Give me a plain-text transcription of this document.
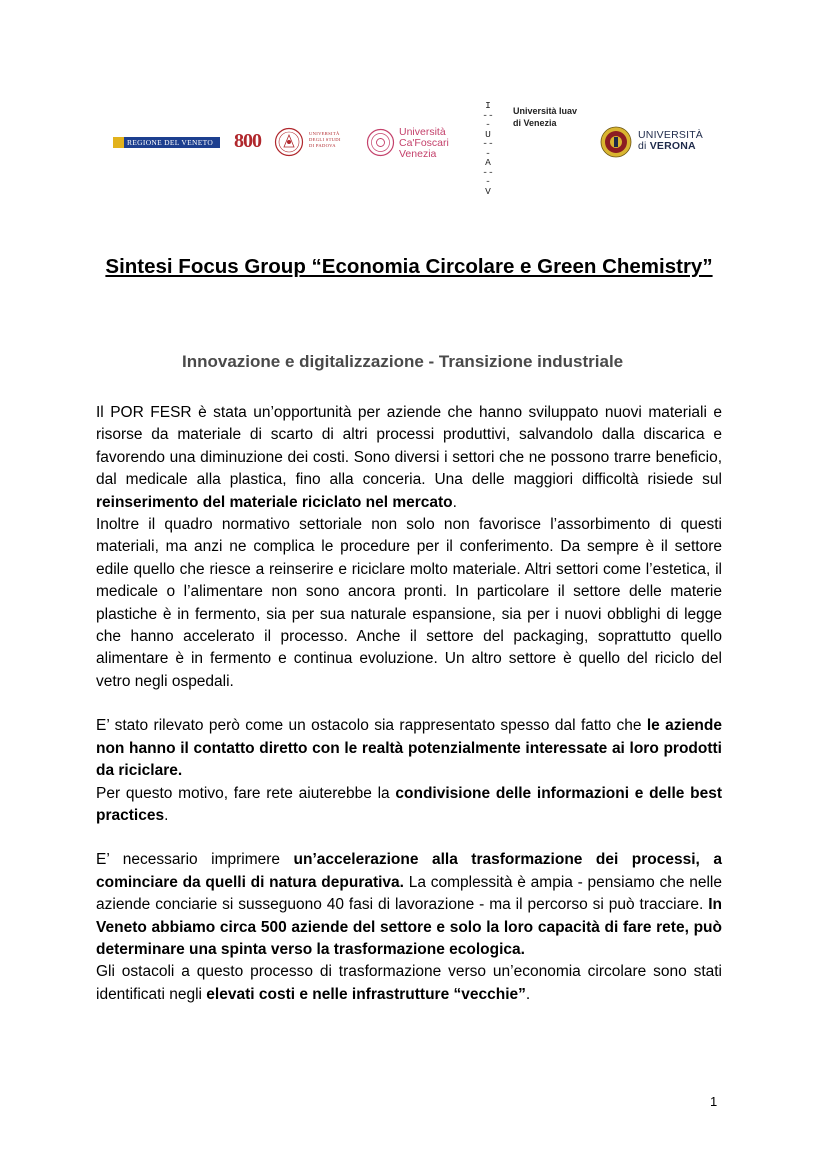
REGIONE DEL VENETO 800	UNIVERSITÀ
DEGLI STUDI
DI PADOVA
Università
Ca'Foscari
Venezia
I
---
U
---
A
---
V
Università Iuav
di Venezia
UNIVERSITÀ
di VERONA
Sintesi Focus Group “Economia Circolare e Green Chemistry”
Innovazione e digitalizzazione - Transizione industriale

Il POR FESR è stata un’opportunità per aziende che hanno sviluppato nuovi materiali e risorse da materiale di scarto di altri processi produttivi, salvandolo dalla discarica e favorendo una diminuzione dei costi. Sono diversi i settori che ne possono trarre beneficio, dal medicale alla plastica, fino alla conceria. Una delle maggiori difficoltà risiede sul reinserimento del materiale riciclato nel mercato.

Inoltre il quadro normativo settoriale non solo non favorisce l’assorbimento di questi materiali, ma anzi ne complica le procedure per il conferimento. Da sempre è il settore edile quello che riesce a reinserire e riciclare molto materiale. Altri settori come l’estetica, il medicale o l’alimentare non sono ancora pronti. In particolare il settore delle materie plastiche è in fermento, sia per sua naturale espansione, sia per i nuovi obblighi di legge che hanno accelerato il processo. Anche il settore del packaging, soprattutto quello alimentare è in fermento e continua evoluzione. Un altro settore è quello del riciclo del vetro negli ospedali.

E’ stato rilevato però come un ostacolo sia rappresentato spesso dal fatto che le aziende non hanno il contatto diretto con le realtà potenzialmente interessate ai loro prodotti da riciclare.

Per questo motivo, fare rete aiuterebbe la condivisione delle informazioni e delle best practices.

E’ necessario imprimere un’accelerazione alla trasformazione dei processi, a cominciare da quelli di natura depurativa. La complessità è ampia - pensiamo che nelle aziende conciarie si susseguono 40 fasi di lavorazione - ma il percorso si può tracciare. In Veneto abbiamo circa 500 aziende del settore e solo la loro capacità di fare rete, può determinare una spinta verso la trasformazione ecologica.

Gli ostacoli a questo processo di trasformazione verso un’economia circolare sono stati identificati negli elevati costi e nelle infrastrutture “vecchie”.

1
